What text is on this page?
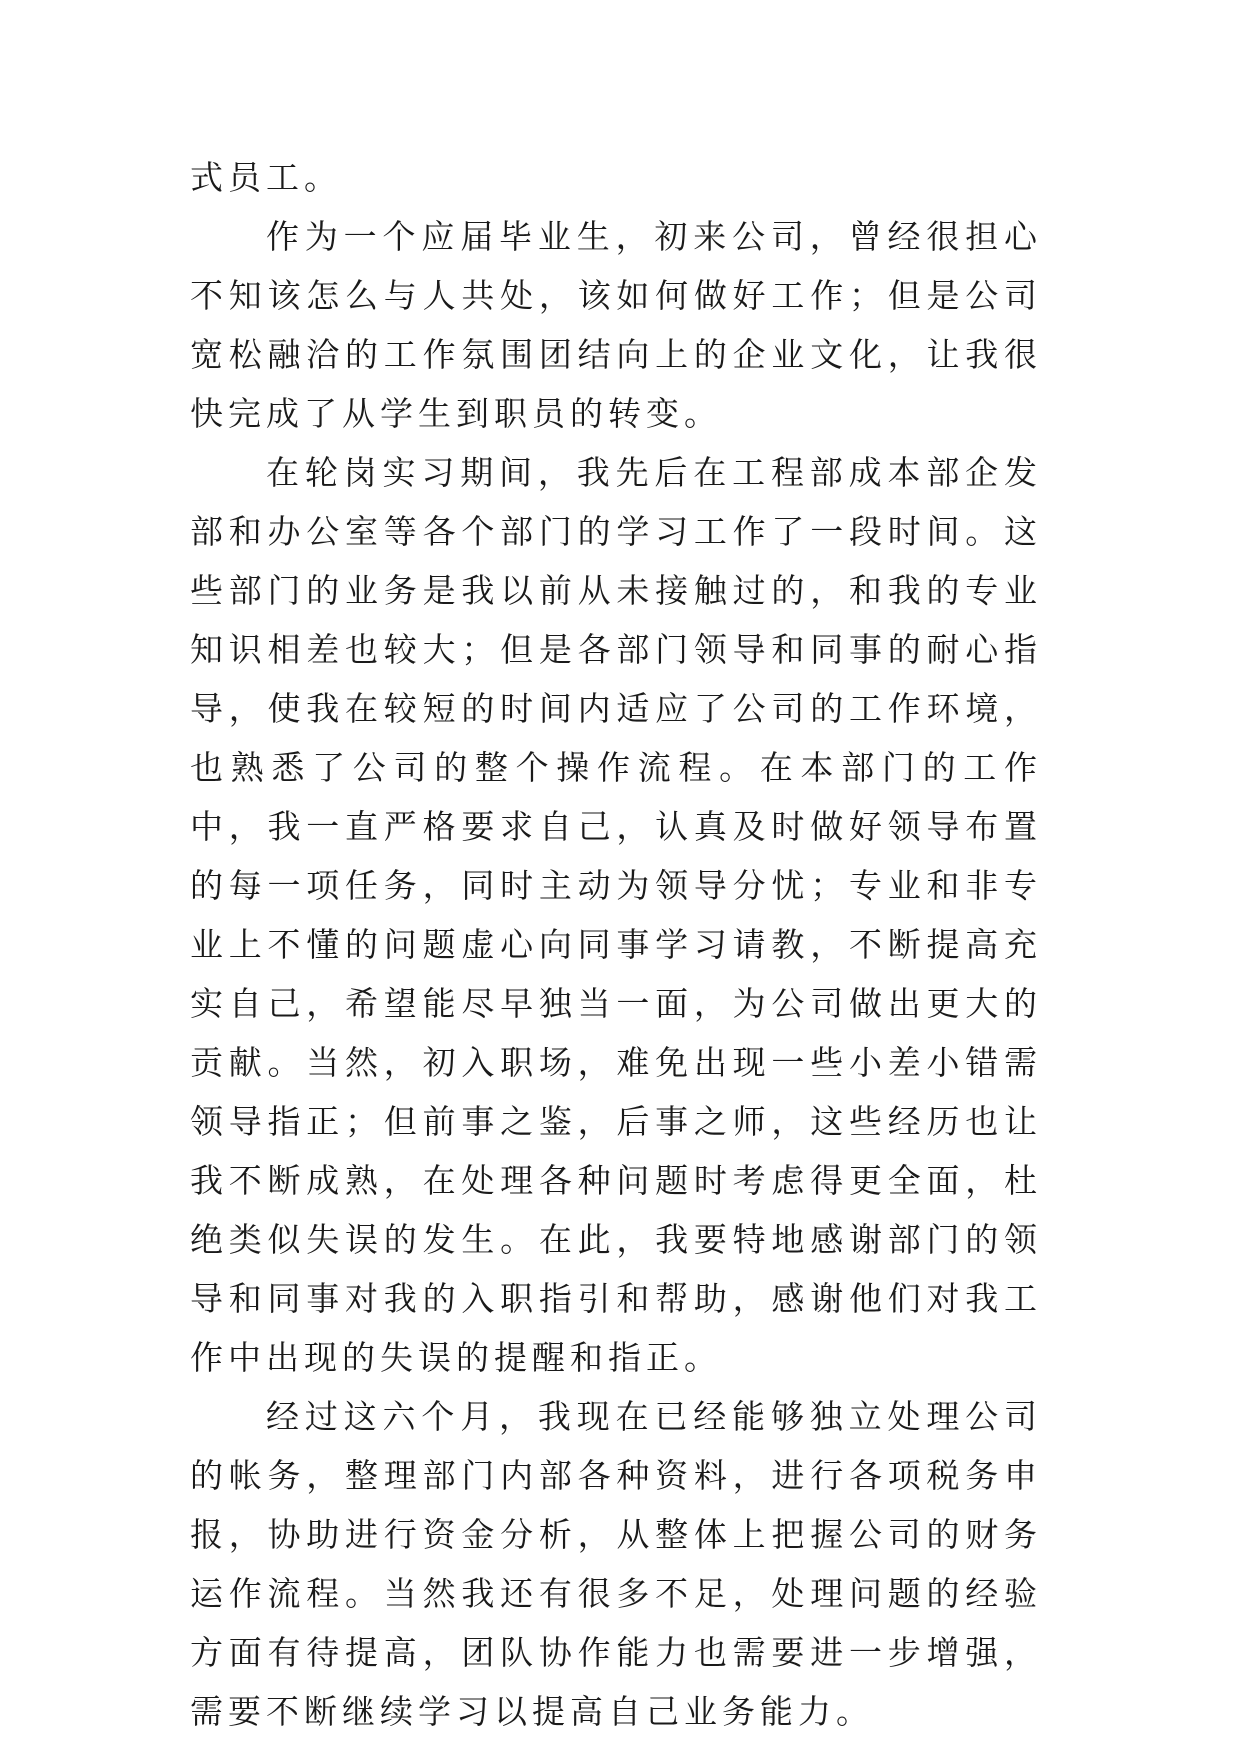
式员工。

作为一个应届毕业生，初来公司，曾经很担心不知该怎么与人共处，该如何做好工作；但是公司宽松融洽的工作氛围团结向上的企业文化，让我很快完成了从学生到职员的转变。

在轮岗实习期间，我先后在工程部成本部企发部和办公室等各个部门的学习工作了一段时间。这些部门的业务是我以前从未接触过的，和我的专业知识相差也较大；但是各部门领导和同事的耐心指导，使我在较短的时间内适应了公司的工作环境，也熟悉了公司的整个操作流程。在本部门的工作中，我一直严格要求自己，认真及时做好领导布置的每一项任务，同时主动为领导分忧；专业和非专业上不懂的问题虚心向同事学习请教，不断提高充实自己，希望能尽早独当一面，为公司做出更大的贡献。当然，初入职场，难免出现一些小差小错需领导指正；但前事之鉴，后事之师，这些经历也让我不断成熟，在处理各种问题时考虑得更全面，杜绝类似失误的发生。在此，我要特地感谢部门的领导和同事对我的入职指引和帮助，感谢他们对我工作中出现的失误的提醒和指正。

经过这六个月，我现在已经能够独立处理公司的帐务，整理部门内部各种资料，进行各项税务申报，协助进行资金分析，从整体上把握公司的财务运作流程。当然我还有很多不足，处理问题的经验方面有待提高，团队协作能力也需要进一步增强，需要不断继续学习以提高自己业务能力。
